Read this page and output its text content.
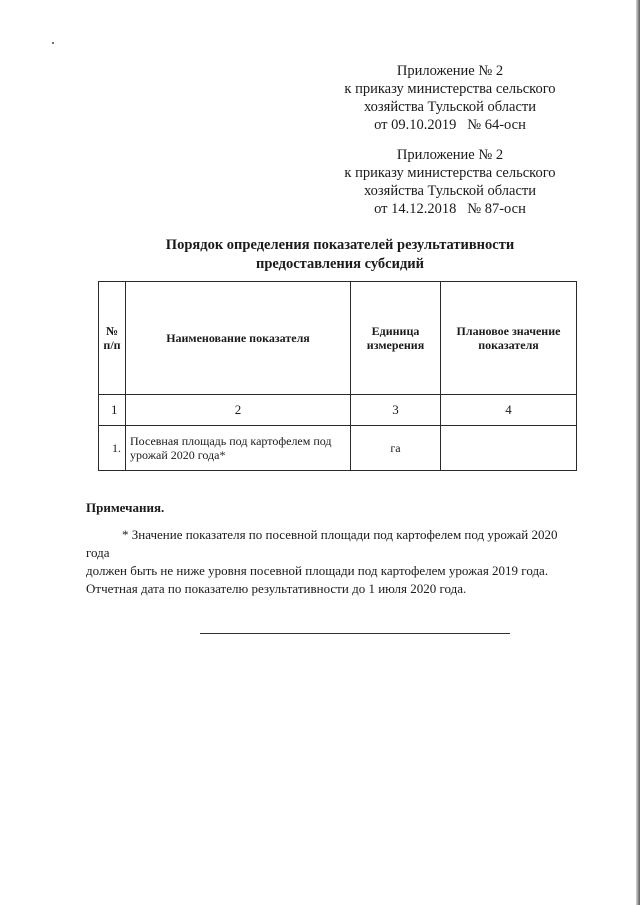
Приложение № 2
к приказу министерства сельского
хозяйства Тульской области
от 09.10.2019   № 64-осн
Приложение № 2
к приказу министерства сельского
хозяйства Тульской области
от 14.12.2018   № 87-осн
Порядок определения показателей результативности
предоставления субсидий
№ п/п	Наименование показателя	Единица измерения	Плановое значение показателя
1	2	3	4
1.	Посевная площадь под картофелем под урожай 2020 года*	га	
Примечания.

* Значение показателя по посевной площади под картофелем под урожай 2020 года

должен быть не ниже уровня посевной площади под картофелем урожая 2019 года.

Отчетная дата по показателю результативности до 1 июля 2020 года.
